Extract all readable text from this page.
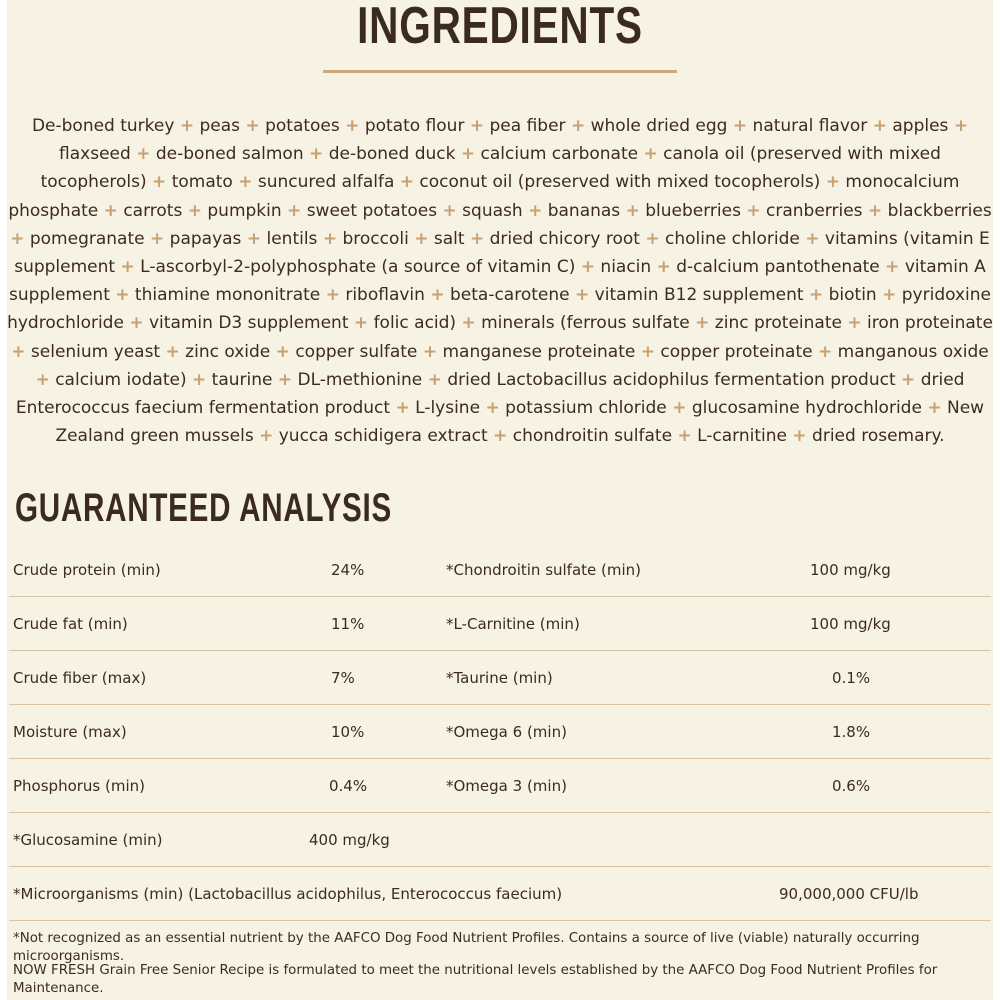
INGREDIENTS
De-boned turkey + peas + potatoes + potato flour + pea fiber + whole dried egg + natural flavor + apples + flaxseed + de-boned salmon + de-boned duck + calcium carbonate + canola oil (preserved with mixed tocopherols) + tomato + suncured alfalfa + coconut oil (preserved with mixed tocopherols) + monocalcium phosphate + carrots + pumpkin + sweet potatoes + squash + bananas + blueberries + cranberries + blackberries + pomegranate + papayas + lentils + broccoli + salt + dried chicory root + choline chloride + vitamins (vitamin E supplement + L-ascorbyl-2-polyphosphate (a source of vitamin C) + niacin + d-calcium pantothenate + vitamin A supplement + thiamine mononitrate + riboflavin + beta-carotene + vitamin B12 supplement + biotin + pyridoxine hydrochloride + vitamin D3 supplement + folic acid) + minerals (ferrous sulfate + zinc proteinate + iron proteinate + selenium yeast + zinc oxide + copper sulfate + manganese proteinate + copper proteinate + manganous oxide + calcium iodate) + taurine + DL-methionine + dried Lactobacillus acidophilus fermentation product + dried Enterococcus faecium fermentation product + L-lysine + potassium chloride + glucosamine hydrochloride + New Zealand green mussels + yucca schidigera extract + chondroitin sulfate + L-carnitine + dried rosemary.
GUARANTEED ANALYSIS
Crude protein (min)	24%	*Chondroitin sulfate (min)	100 mg/kg
Crude fat (min)	11%	*L-Carnitine (min)	100 mg/kg
Crude fiber (max)	7%	*Taurine (min)	0.1%
Moisture (max)	10%	*Omega 6 (min)	1.8%
Phosphorus (min)	0.4%	*Omega 3 (min)	0.6%
*Glucosamine (min)	400 mg/kg
*Microorganisms (min) (Lactobacillus acidophilus, Enterococcus faecium)	90,000,000 CFU/lb
*Not recognized as an essential nutrient by the AAFCO Dog Food Nutrient Profiles. Contains a source of live (viable) naturally occurring microorganisms.
NOW FRESH Grain Free Senior Recipe is formulated to meet the nutritional levels established by the AAFCO Dog Food Nutrient Profiles for Maintenance.
